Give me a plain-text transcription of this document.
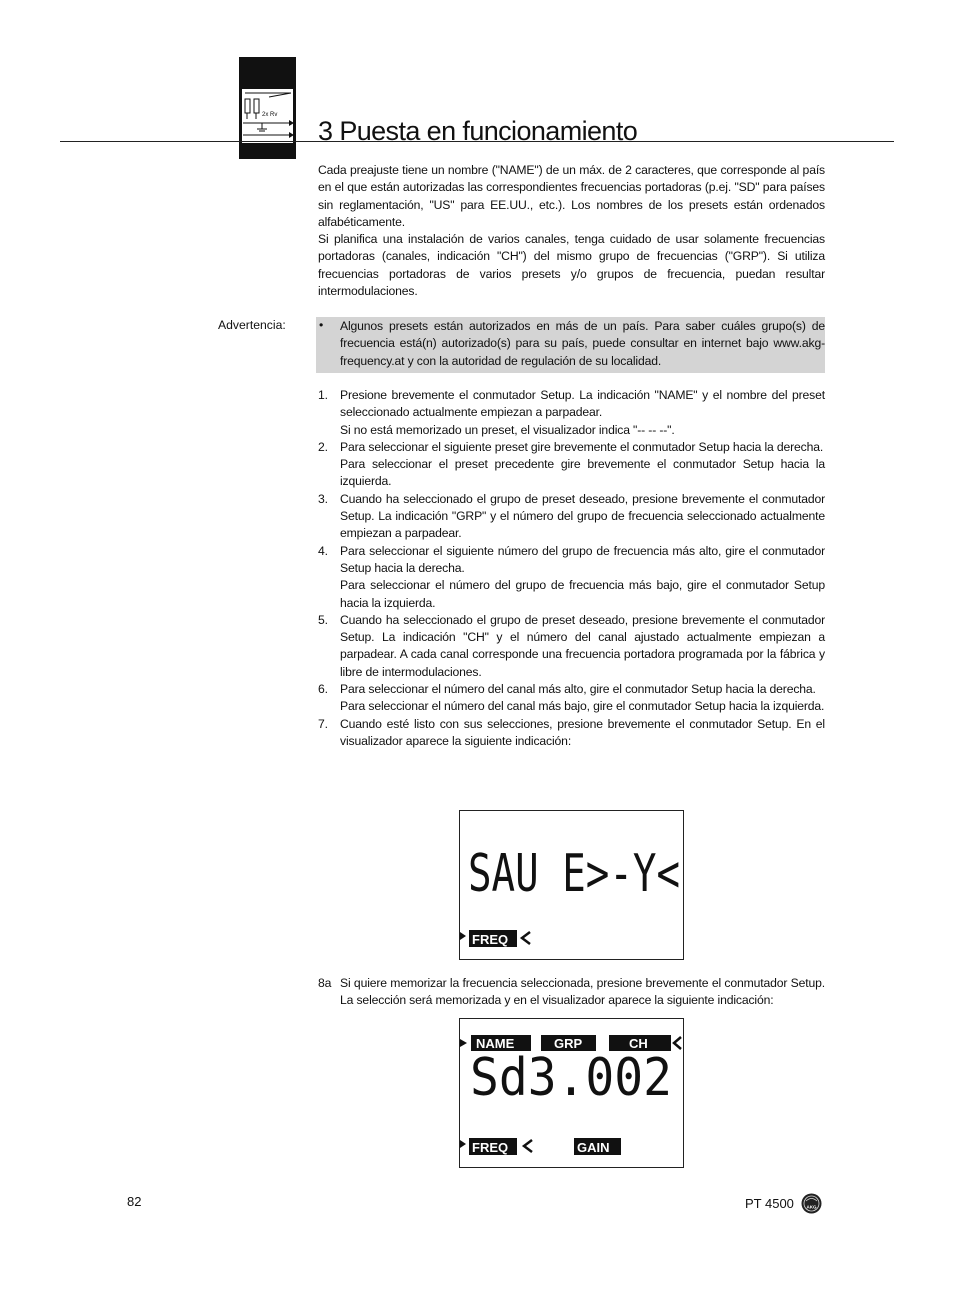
2x Rv
3 Puesta en funcionamiento

Cada preajuste tiene un nombre ("NAME") de un máx. de 2 caracteres, que corresponde al país en el que están autorizadas las correspondientes frecuencias portadoras (p.ej. "SD" para países sin reglamentación, "US" para EE.UU., etc.). Los nombres de los presets están ordenados alfabéticamente.

Si planifica una instalación de varios canales, tenga cuidado de usar solamente frecuencias portadoras (canales, indicación "CH") del mismo grupo de frecuencias ("GRP"). Si utiliza frecuencias portadoras de varios presets y/o grupos de frecuencia, puedan resultar intermodulaciones.

Advertencia:	• Algunos presets están autorizados en más de un país. Para saber cuáles grupo(s) de frecuencia está(n) autorizado(s) para su país, puede consultar en internet bajo www.akg-frequency.at y con la autoridad de regulación de su localidad.
1. Presione brevemente el conmutador Setup. La indicación "NAME" y el nombre del preset seleccionado actualmente empiezan a parpadear.

Si no está memorizado un preset, el visualizador indica "-- -- --".

2. Para seleccionar el siguiente preset gire brevemente el conmutador Setup hacia la derecha.

Para seleccionar el preset precedente gire brevemente el conmutador Setup hacia la izquierda.

3. Cuando ha seleccionado el grupo de preset deseado, presione brevemente el conmutador Setup. La indicación "GRP" y el número del grupo de frecuencia seleccionado actualmente empiezan a parpadear.

4. Para seleccionar el siguiente número del grupo de frecuencia más alto, gire el conmutador Setup hacia la derecha.

Para seleccionar el número del grupo de frecuencia más bajo, gire el conmutador Setup hacia la izquierda.

5. Cuando ha seleccionado el grupo de preset deseado, presione brevemente el conmutador Setup. La indicación "CH" y el número del canal ajustado actualmente empiezan a parpadear. A cada canal corresponde una frecuencia portadora programada por la fábrica y libre de intermodulaciones.

6. Para seleccionar el número del canal más alto, gire el conmutador Setup hacia la derecha.

Para seleccionar el número del canal más bajo, gire el conmutador Setup hacia la izquierda.

7. Cuando esté listo con sus selecciones, presione brevemente el conmutador Setup. En el visualizador aparece la siguiente indicación:

SAU E>-Y<
FREQ
8a Si quiere memorizar la frecuencia seleccionada, presione brevemente el conmutador Setup. La selección será memorizada y en el visualizador aparece la siguiente indicación:

NAME	GRP	CH
Sd3.002
FREQ	GAIN
82	PT 4500	AKG
